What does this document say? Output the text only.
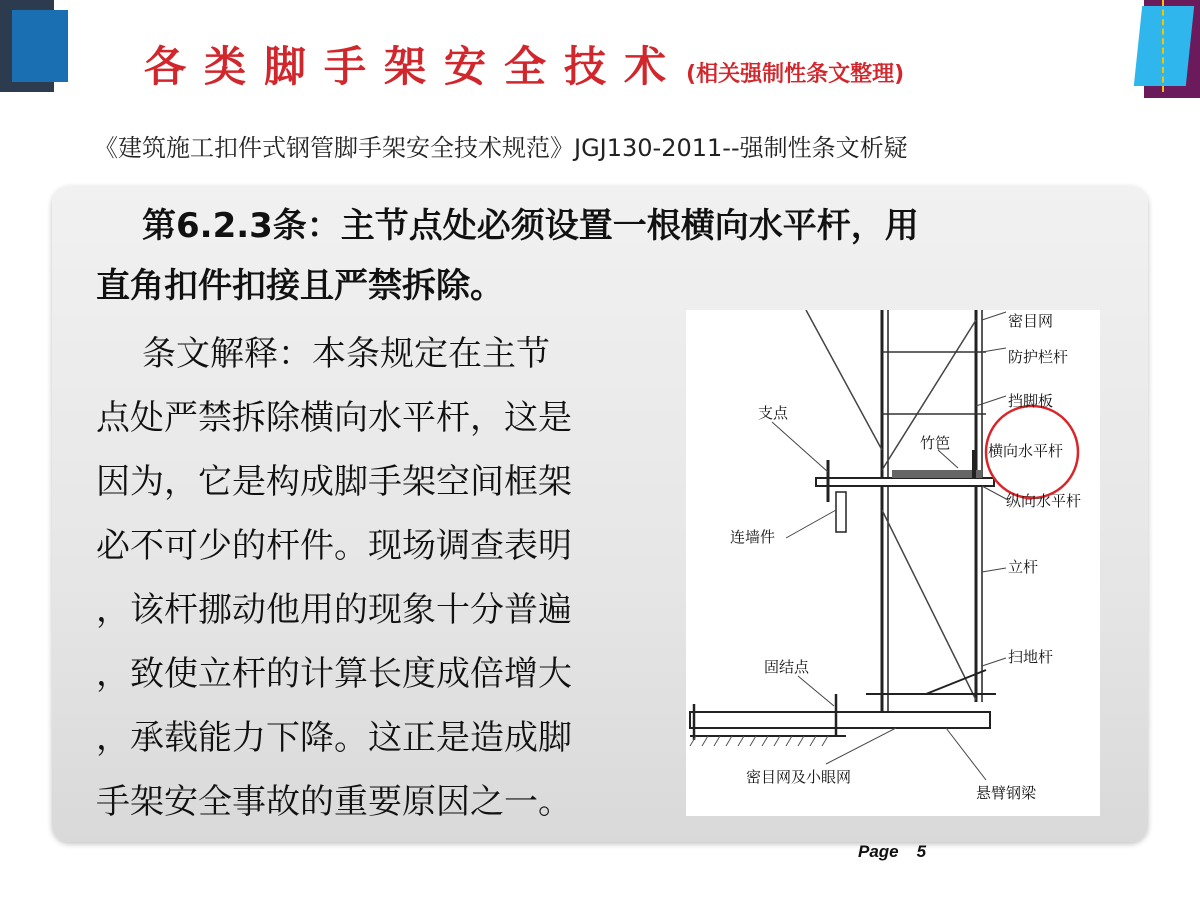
各类脚手架安全技术 (相关强制性条文整理)
《建筑施工扣件式钢管脚手架安全技术规范》JGJ130-2011--强制性条文析疑
第6.2.3条：主节点处必须设置一根横向水平杆，用
直角扣件扣接且严禁拆除。
条文解释：本条规定在主节
点处严禁拆除横向水平杆，这是
因为，它是构成脚手架空间框架
必不可少的杆件。现场调查表明
，该杆挪动他用的现象十分普遍
，致使立杆的计算长度成倍增大
，承载能力下降。这正是造成脚
手架安全事故的重要原因之一。
密目网
防护栏杆
挡脚板
支点
竹笆	横向水平杆
纵向水平杆
连墙件
立杆
扫地杆
固结点
密目网及小眼网
悬臂钢梁
Page 5
